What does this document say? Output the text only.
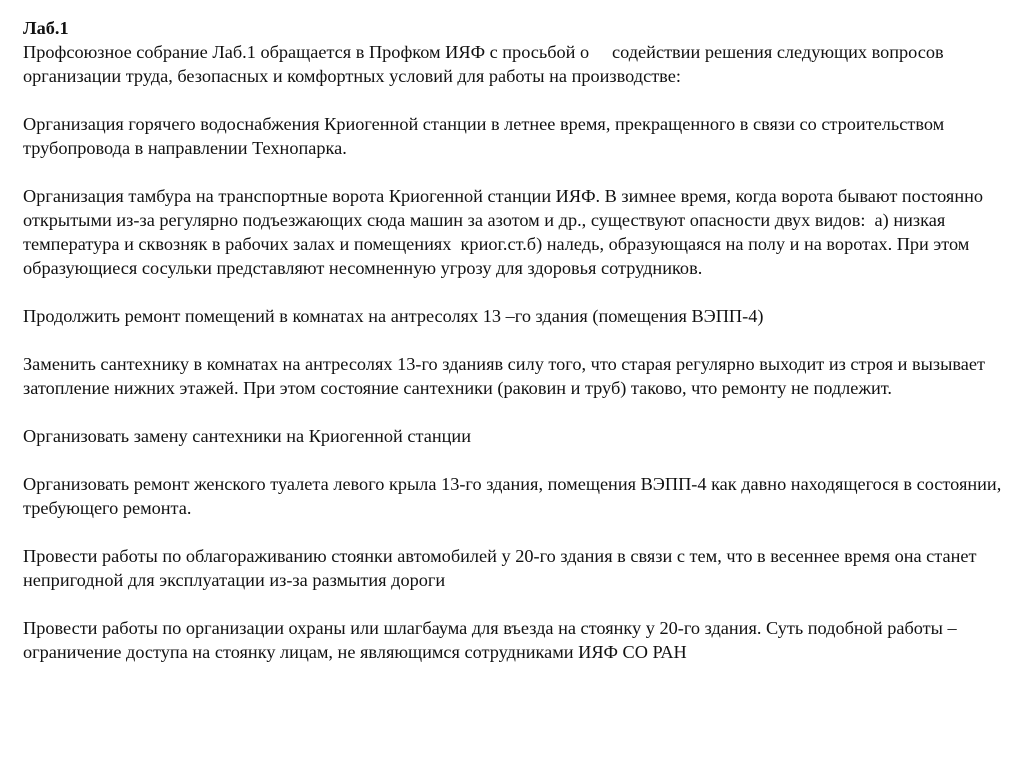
Лаб.1

Профсоюзное собрание Лаб.1 обращается в Профком ИЯФ с просьбой о     содействии решения следующих вопросов организации труда, безопасных и комфортных условий для работы на производстве:

Организация горячего водоснабжения Криогенной станции в летнее время, прекращенного в связи со строительством трубопровода в направлении Технопарка.

Организация тамбура на транспортные ворота Криогенной станции ИЯФ. В зимнее время, когда ворота бывают постоянно открытыми из-за регулярно подъезжающих сюда машин за азотом и др., существуют опасности двух видов:  а) низкая температура и сквозняк в рабочих залах и помещениях  криог.ст.б) наледь, образующаяся на полу и на воротах. При этом образующиеся сосульки представляют несомненную угрозу для здоровья сотрудников.

Продолжить ремонт помещений в комнатах на антресолях 13 –го здания (помещения ВЭПП-4)

Заменить сантехнику в комнатах на антресолях 13-го зданияв силу того, что старая регулярно выходит из строя и вызывает затопление нижних этажей. При этом состояние сантехники (раковин и труб) таково, что ремонту не подлежит.

Организовать замену сантехники на Криогенной станции

Организовать ремонт женского туалета левого крыла 13-го здания, помещения ВЭПП-4 как давно находящегося в состоянии, требующего ремонта.

Провести работы по облагораживанию стоянки автомобилей у 20-го здания в связи с тем, что в весеннее время она станет непригодной для эксплуатации из-за размытия дороги

Провести работы по организации охраны или шлагбаума для въезда на стоянку у 20-го здания. Суть подобной работы – ограничение доступа на стоянку лицам, не являющимся сотрудниками ИЯФ СО РАН
